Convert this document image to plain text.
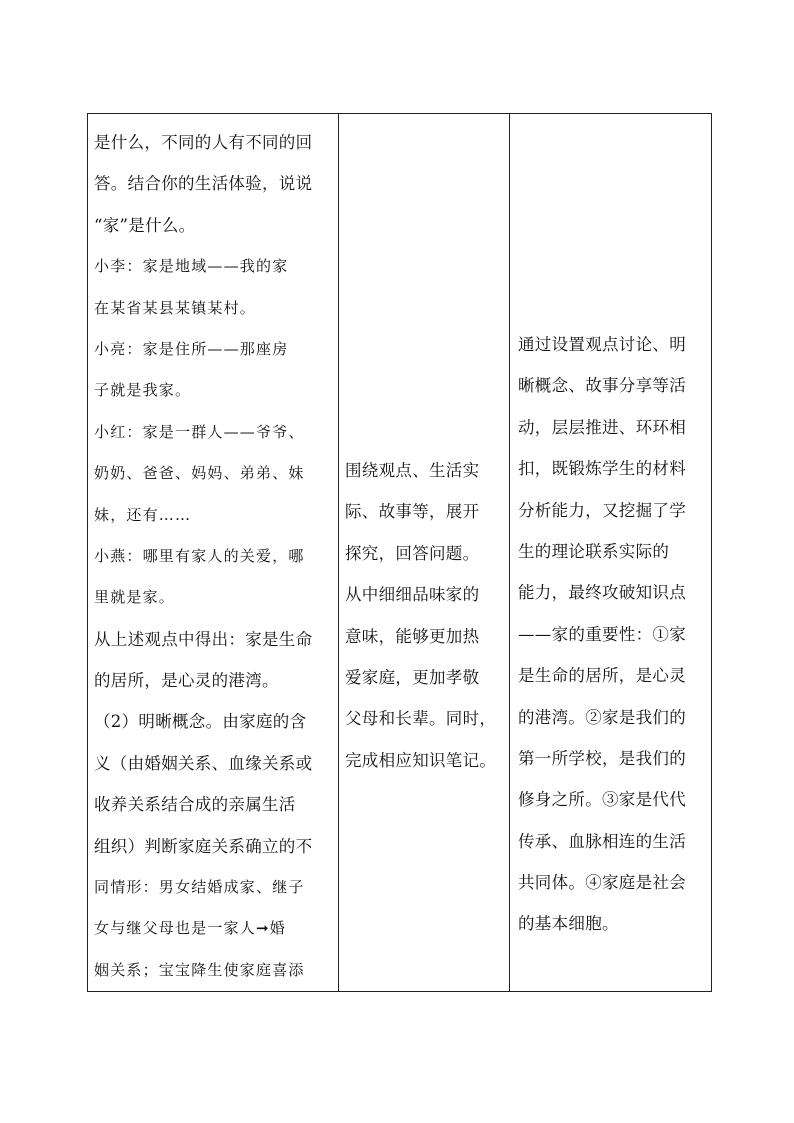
是什么，不同的人有不同的回
答。结合你的生活体验，说说
“家”是什么。
小李：家是地域——我的家
在某省某县某镇某村。
小亮：家是住所——那座房
子就是我家。
小红：家是一群人——爷爷、
奶奶、爸爸、妈妈、弟弟、妹
妹，还有……
小燕：哪里有家人的关爱，哪
里就是家。
从上述观点中得出：家是生命
的居所，是心灵的港湾。
（2）明晰概念。由家庭的含
义（由婚姻关系、血缘关系或
收养关系结合成的亲属生活
组织）判断家庭关系确立的不
同情形：男女结婚成家、继子
女与继父母也是一家人➞婚
姻关系；宝宝降生使家庭喜添

围绕观点、生活实
际、故事等，展开
探究，回答问题。
从中细细品味家的
意味，能够更加热
爱家庭，更加孝敬
父母和长辈。同时，
完成相应知识笔记。

通过设置观点讨论、明
晰概念、故事分享等活
动，层层推进、环环相
扣，既锻炼学生的材料
分析能力，又挖掘了学
生的理论联系实际的
能力，最终攻破知识点
——家的重要性：①家
是生命的居所，是心灵
的港湾。②家是我们的
第一所学校，是我们的
修身之所。③家是代代
传承、血脉相连的生活
共同体。④家庭是社会
的基本细胞。
